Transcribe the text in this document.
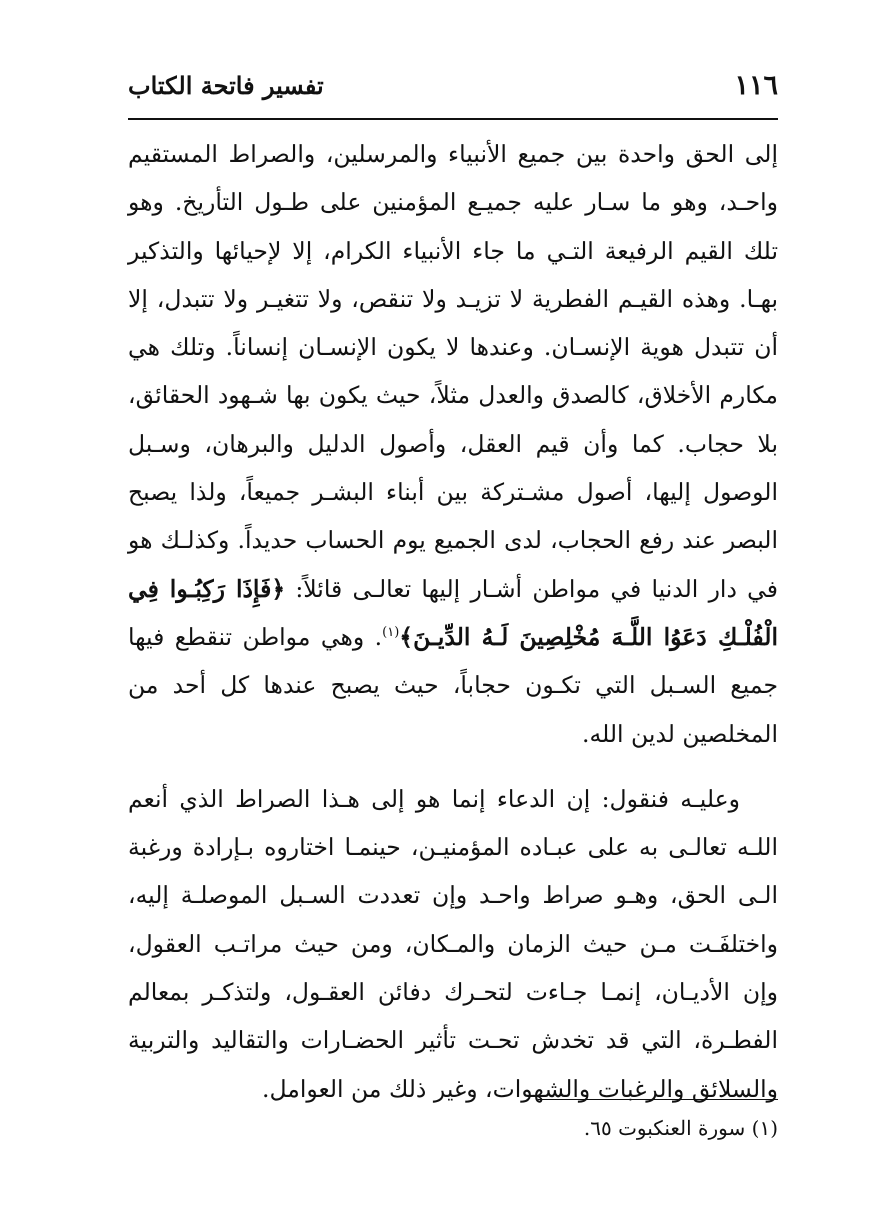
١١٦
تفسير فاتحة الكتاب

إلى الحق واحدة بين جميع الأنبياء والمرسلين، والصراط المستقيم واحـد، وهو ما سـار عليه جميـع المؤمنين على طـول التأريخ. وهو تلك القيم الرفيعة التـي ما جاء الأنبياء الكرام، إلا لإحيائها والتذكير بهـا. وهذه القيـم الفطرية لا تزيـد ولا تنقص، ولا تتغيـر ولا تتبدل، إلا أن تتبدل هوية الإنسـان. وعندها لا يكون الإنسـان إنساناً. وتلك هي مكارم الأخلاق، كالصدق والعدل مثلاً، حيث يكون بها شـهود الحقائق، بلا حجاب. كما وأن قيم العقل، وأصول الدليل والبرهان، وسـبل الوصول إليها، أصول مشـتركة بين أبناء البشـر جميعاً، ولذا يصبح البصر عند رفع الحجاب، لدى الجميع يوم الحساب حديداً. وكذلـك هو في دار الدنيا في مواطن أشـار إليها تعالـى قائلاً: ﴿فَإِذَا رَكِبُـوا فِي الْفُلْـكِ دَعَوُا اللَّـهَ مُخْلِصِينَ لَـهُ الدِّيـنَ﴾$^{(١)}$. وهي مواطن تنقطع فيها جميع السـبل التي تكـون حجاباً، حيث يصبح عندها كل أحد من المخلصين لدين الله.

وعليـه فنقول: إن الدعاء إنما هو إلى هـذا الصراط الذي أنعم اللـه تعالـى به على عبـاده المؤمنيـن، حينمـا اختاروه بـإرادة ورغبة الـى الحق، وهـو صراط واحـد وإن تعددت السـبل الموصلـة إليه، واختلفَـت مـن حيث الزمان والمـكان، ومن حيث مراتـب العقول، وإن الأديـان، إنمـا جـاءت لتحـرك دفائن العقـول، ولتذكـر بمعالم الفطـرة، التي قد تخدش تحـت تأثير الحضـارات والتقاليد والتربية والسلائق والرغبات والشهوات، وغير ذلك من العوامل.

(١) سورة العنكبوت ٦٥.
